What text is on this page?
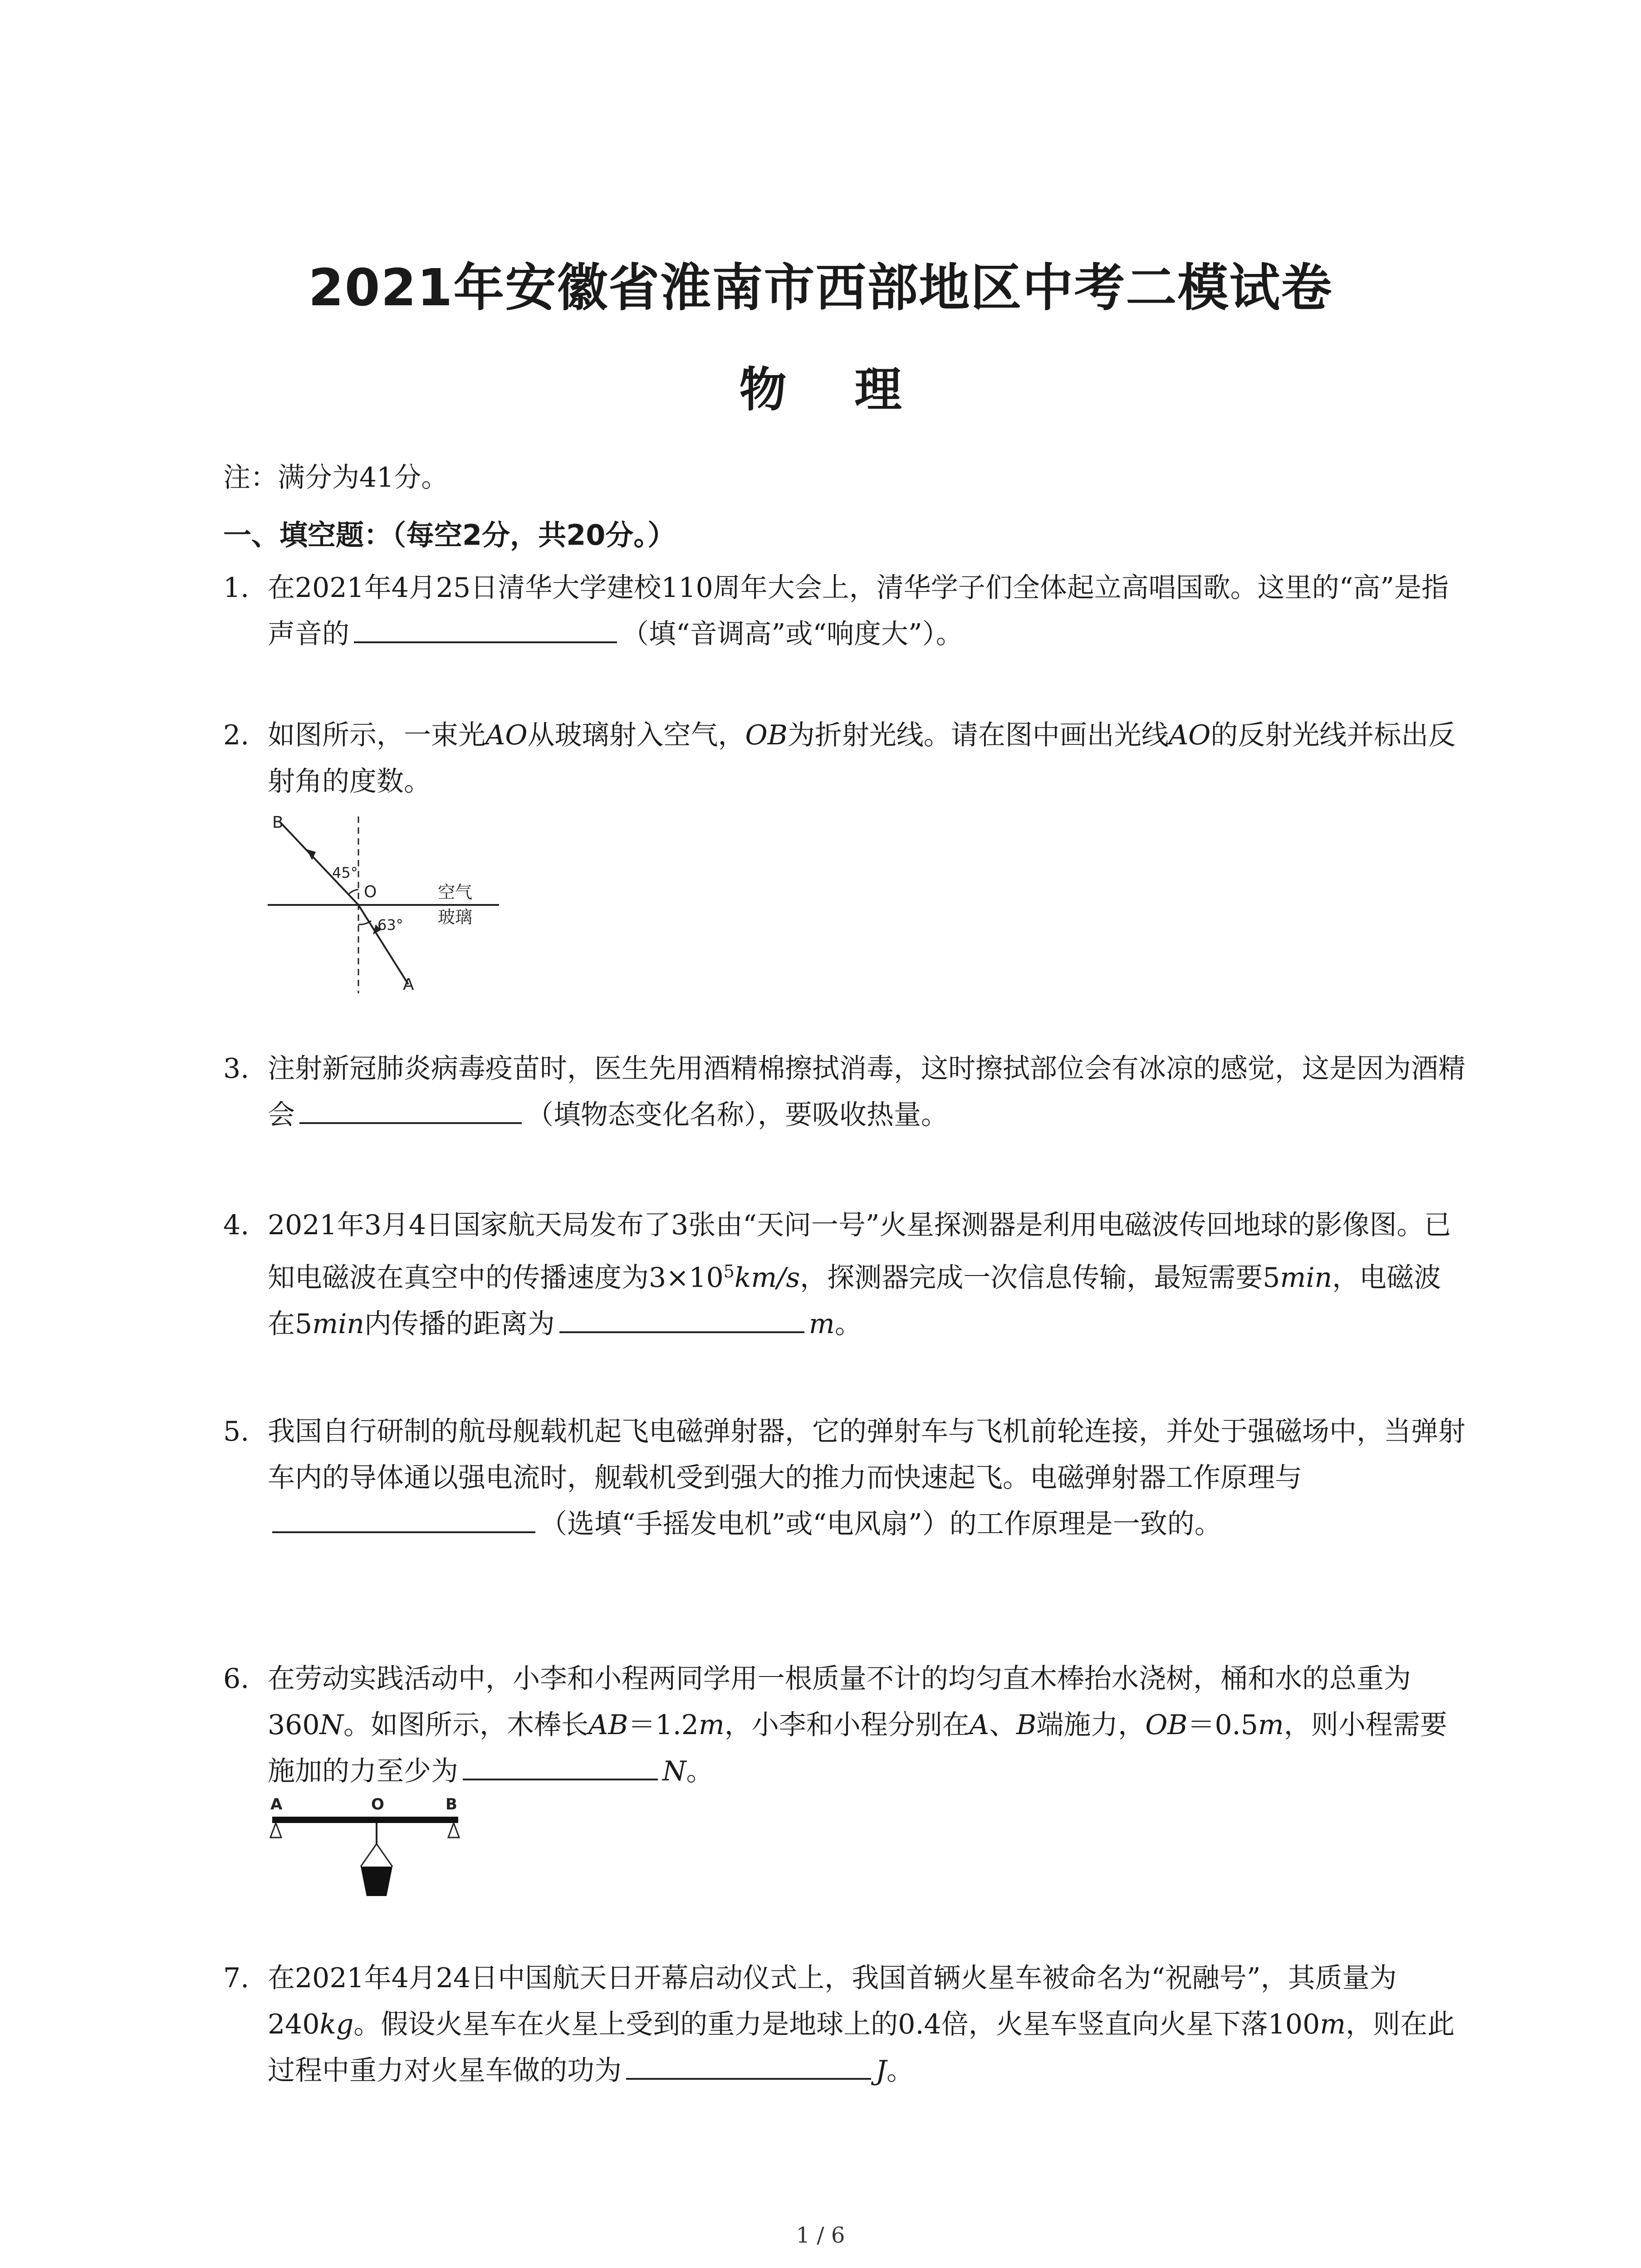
2021年安徽省淮南市西部地区中考二模试卷
物理
注：满分为41分。
一、填空题：（每空2分，共20分。）
1. 在2021年4月25日清华大学建校110周年大会上，清华学子们全体起立高唱国歌。这里的“高”是指声音的	（填“音调高”或“响度大”）。
2. 如图所示，一束光AO从玻璃射入空气，OB为折射光线。请在图中画出光线AO的反射光线并标出反射角的度数。
B
O
A
45°
63°
空气
玻璃
3. 注射新冠肺炎病毒疫苗时，医生先用酒精棉擦拭消毒，这时擦拭部位会有冰凉的感觉，这是因为酒精会	（填物态变化名称），要吸收热量。
4. 2021年3月4日国家航天局发布了3张由“天问一号”火星探测器是利用电磁波传回地球的影像图。已知电磁波在真空中的传播速度为$3\times 10^5km/s$，探测器完成一次信息传输，最短需要5min，电磁波在5min内传播的距离为	m。
5. 我国自行研制的航母舰载机起飞电磁弹射器，它的弹射车与飞机前轮连接，并处于强磁场中，当弹射车内的导体通以强电流时，舰载机受到强大的推力而快速起飞。电磁弹射器工作原理与（选填“手摇发电机”或“电风扇”）的工作原理是一致的。
6. 在劳动实践活动中，小李和小程两同学用一根质量不计的均匀直木棒抬水浇树，桶和水的总重为360N。如图所示，木棒长AB＝1.2m，小李和小程分别在A、B端施力，OB＝0.5m，则小程需要施加的力至少为	N。
A	O	B
7. 在2021年4月24日中国航天日开幕启动仪式上，我国首辆火星车被命名为“祝融号”，其质量为240kg。假设火星车在火星上受到的重力是地球上的0.4倍，火星车竖直向火星下落100m，则在此过程中重力对火星车做的功为	J。
1 / 6
